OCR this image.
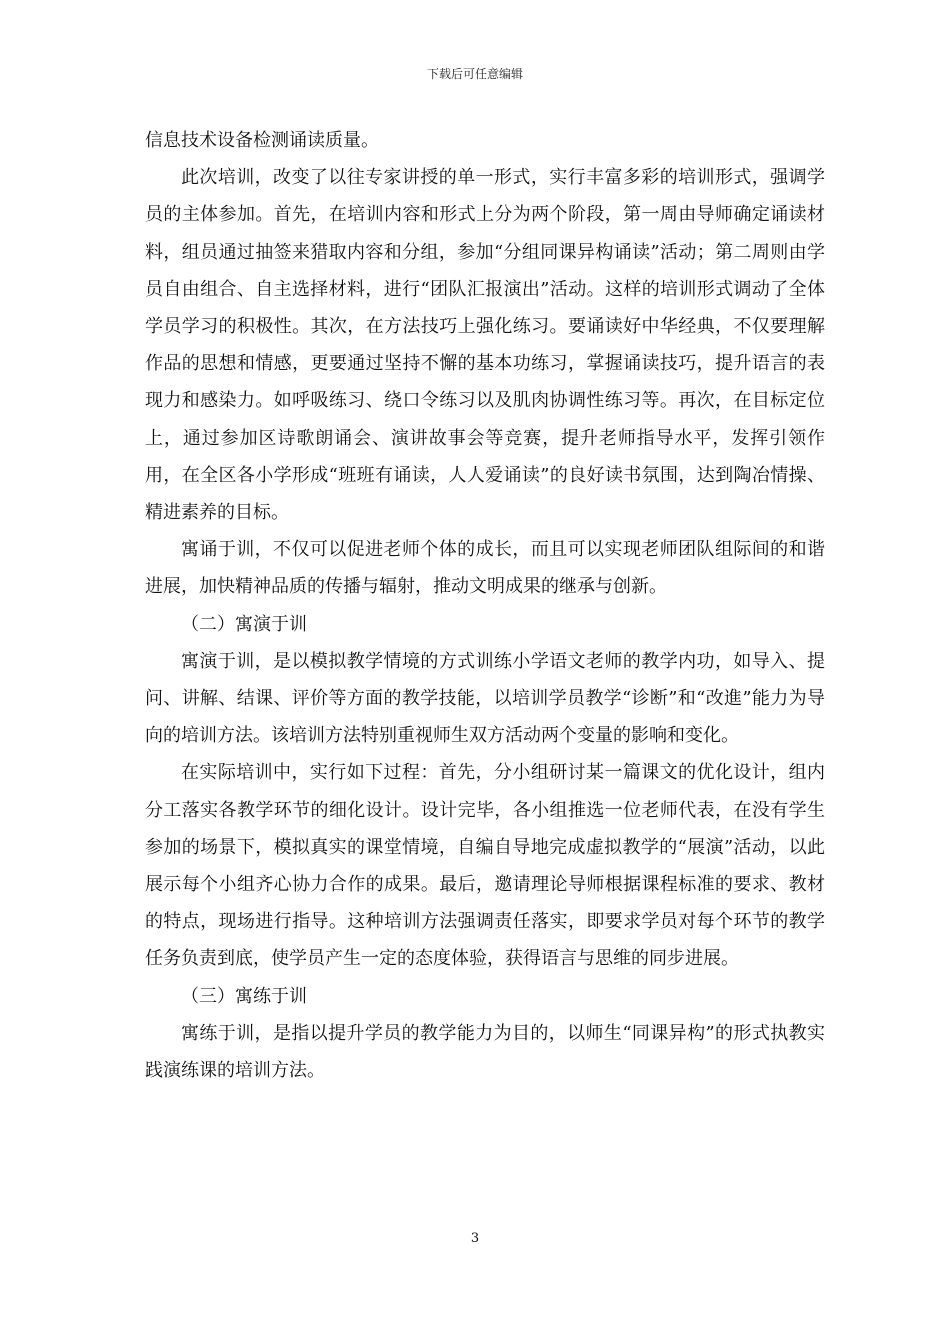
下载后可任意编辑

信息技术设备检测诵读质量。

此次培训，改变了以往专家讲授的单一形式，实行丰富多彩的培训形式，强调学员的主体参加。首先，在培训内容和形式上分为两个阶段，第一周由导师确定诵读材料，组员通过抽签来猎取内容和分组，参加“分组同课异构诵读”活动；第二周则由学员自由组合、自主选择材料，进行“团队汇报演出”活动。这样的培训形式调动了全体学员学习的积极性。其次，在方法技巧上强化练习。要诵读好中华经典，不仅要理解作品的思想和情感，更要通过坚持不懈的基本功练习，掌握诵读技巧，提升语言的表现力和感染力。如呼吸练习、绕口令练习以及肌肉协调性练习等。再次，在目标定位上，通过参加区诗歌朗诵会、演讲故事会等竞赛，提升老师指导水平，发挥引领作用，在全区各小学形成“班班有诵读，人人爱诵读”的良好读书氛围，达到陶冶情操、精进素养的目标。

寓诵于训，不仅可以促进老师个体的成长，而且可以实现老师团队组际间的和谐进展，加快精神品质的传播与辐射，推动文明成果的继承与创新。

（二）寓演于训

寓演于训，是以模拟教学情境的方式训练小学语文老师的教学内功，如导入、提问、讲解、结课、评价等方面的教学技能，以培训学员教学“诊断”和“改進”能力为导向的培训方法。该培训方法特别重视师生双方活动两个变量的影响和变化。

在实际培训中，实行如下过程：首先，分小组研讨某一篇课文的优化设计，组内分工落实各教学环节的细化设计。设计完毕，各小组推选一位老师代表，在没有学生参加的场景下，模拟真实的课堂情境，自编自导地完成虚拟教学的“展演”活动，以此展示每个小组齐心协力合作的成果。最后，邀请理论导师根据课程标准的要求、教材的特点，现场进行指导。这种培训方法强调责任落实，即要求学员对每个环节的教学任务负责到底，使学员产生一定的态度体验，获得语言与思维的同步进展。

（三）寓练于训

寓练于训，是指以提升学员的教学能力为目的，以师生“同课异构”的形式执教实践演练课的培训方法。

3
